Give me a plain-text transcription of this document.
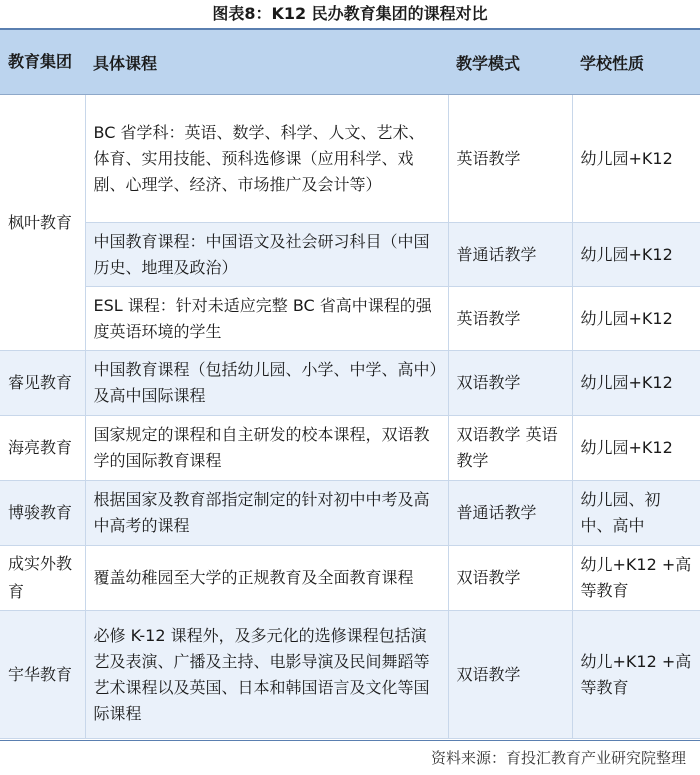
图表8：K12 民办教育集团的课程对比
教育集团	具体课程	教学模式	学校性质
枫叶教育	BC 省学科：英语、数学、科学、人文、艺术、体育、实用技能、预科选修课（应用科学、戏剧、心理学、经济、市场推广及会计等）	英语教学	幼儿园+K12
	中国教育课程：中国语文及社会研习科目（中国历史、地理及政治）	普通话教学	幼儿园+K12
	ESL 课程：针对未适应完整 BC 省高中课程的强度英语环境的学生	英语教学	幼儿园+K12
睿见教育	中国教育课程（包括幼儿园、小学、中学、高中）及高中国际课程	双语教学	幼儿园+K12
海亮教育	国家规定的课程和自主研发的校本课程，双语教学的国际教育课程	双语教学 英语教学	幼儿园+K12
博骏教育	根据国家及教育部指定制定的针对初中中考及高中高考的课程	普通话教学	幼儿园、初中、高中
成实外教育	覆盖幼稚园至大学的正规教育及全面教育课程	双语教学	幼儿+K12 +高等教育
宇华教育	必修 K-12 课程外，及多元化的选修课程包括演艺及表演、广播及主持、电影导演及民间舞蹈等艺术课程以及英国、日本和韩国语言及文化等国际课程	双语教学	幼儿+K12 +高等教育
资料来源：育投汇教育产业研究院整理
